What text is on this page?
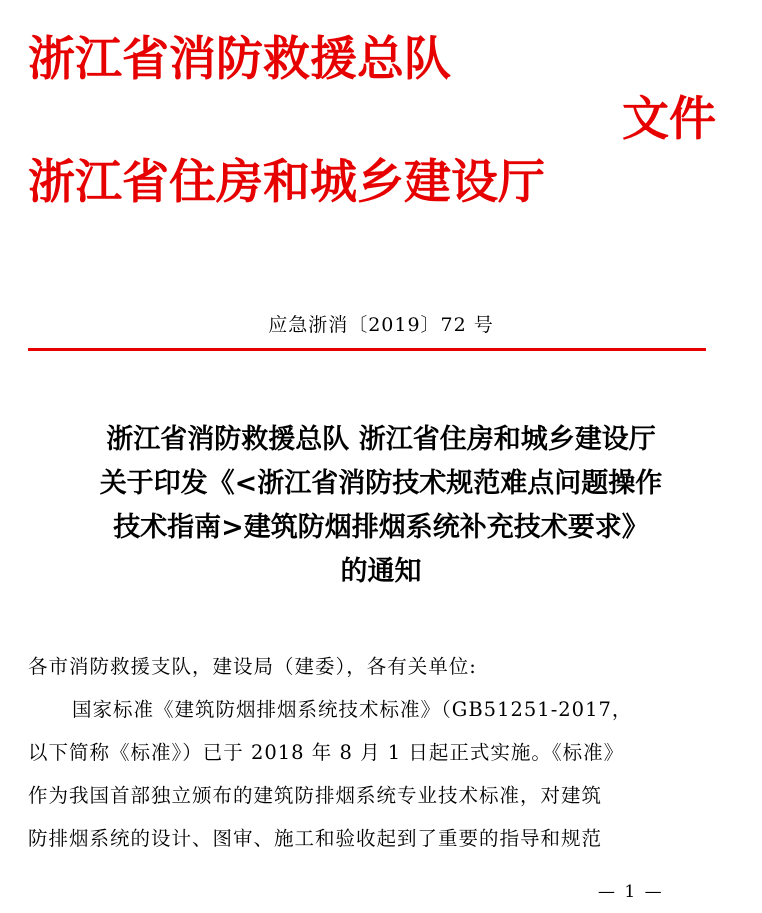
浙江省消防救援总队
文件
浙江省住房和城乡建设厅
应急浙消〔2019〕72 号
浙江省消防救援总队 浙江省住房和城乡建设厅
关于印发《<浙江省消防技术规范难点问题操作
技术指南>建筑防烟排烟系统补充技术要求》
的通知

各市消防救援支队，建设局（建委），各有关单位:

国家标准《建筑防烟排烟系统技术标准》（GB51251-2017，

以下简称《标准》）已于 2018 年 8 月 1 日起正式实施。《标准》

作为我国首部独立颁布的建筑防排烟系统专业技术标准，对建筑

防排烟系统的设计、图审、施工和验收起到了重要的指导和规范

— 1 —
